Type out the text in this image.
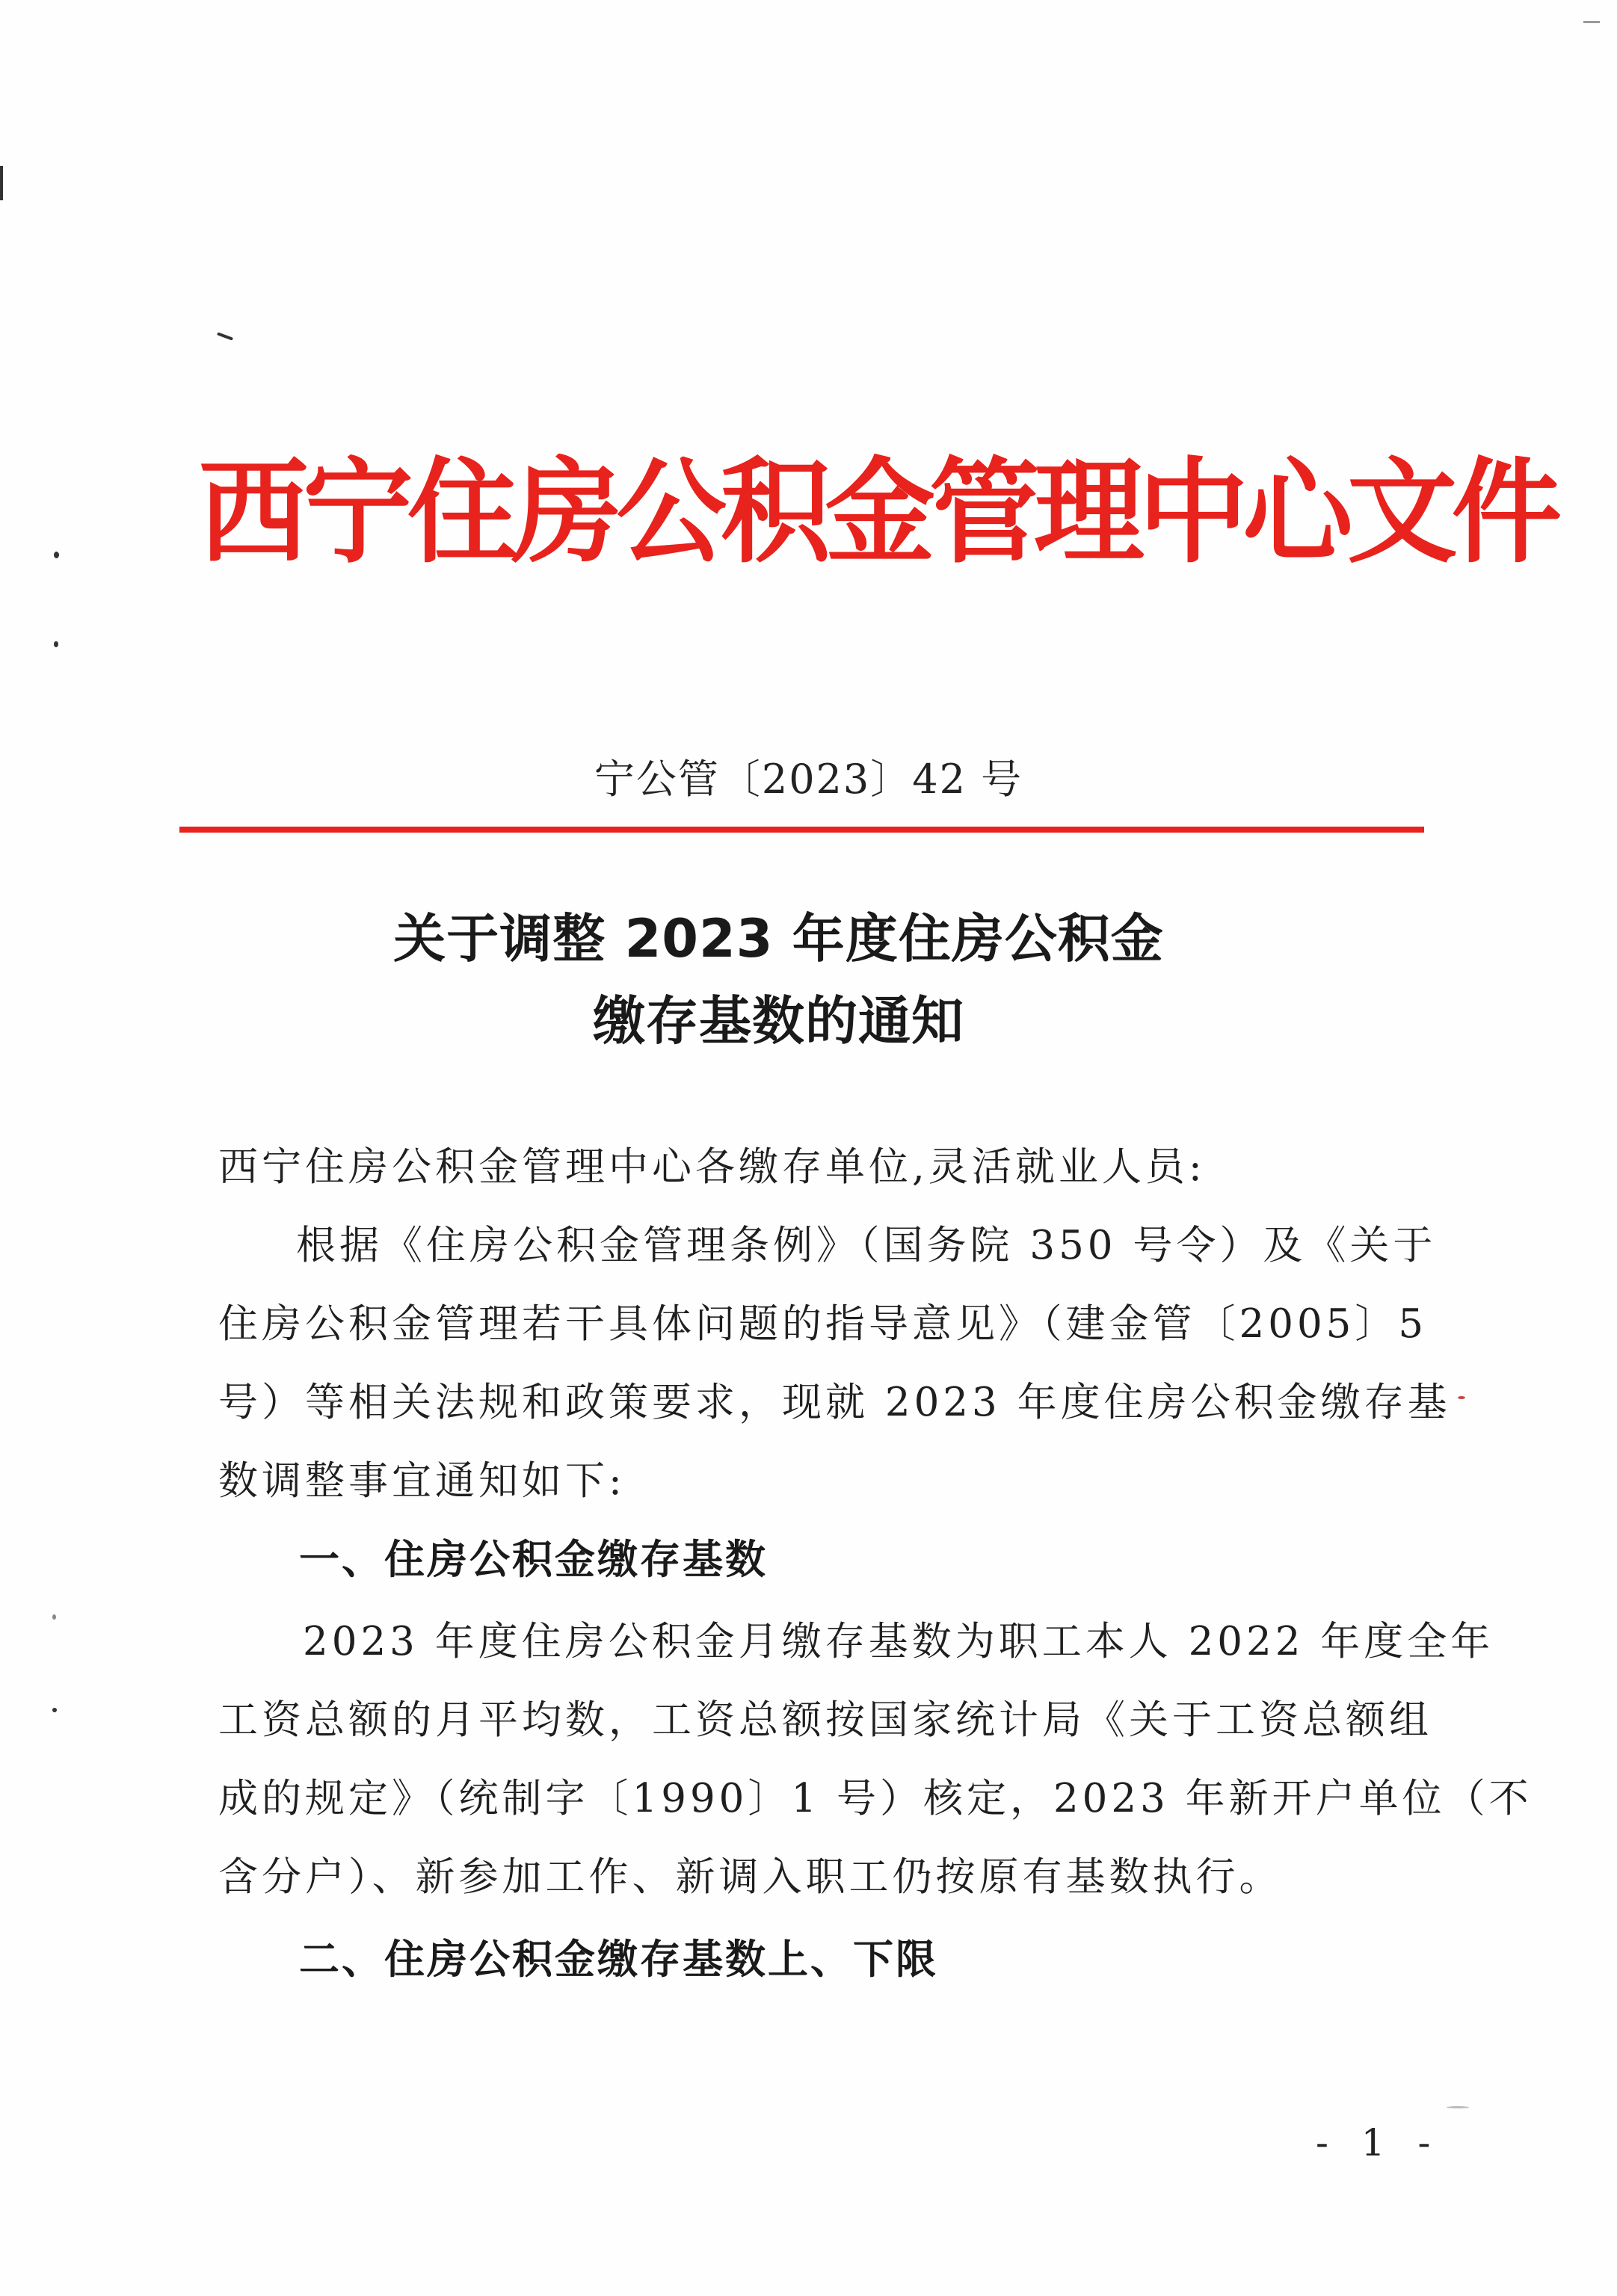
西宁住房公积金管理中心文件
宁公管〔2023〕42 号
关于调整 2023 年度住房公积金
缴存基数的通知
西宁住房公积金管理中心各缴存单位,灵活就业人员:
根据《住房公积金管理条例》（国务院 350 号令）及《关于
住房公积金管理若干具体问题的指导意见》（建金管〔2005〕5
号）等相关法规和政策要求，现就 2023 年度住房公积金缴存基
数调整事宜通知如下:
一、住房公积金缴存基数
2023 年度住房公积金月缴存基数为职工本人 2022 年度全年
工资总额的月平均数，工资总额按国家统计局《关于工资总额组
成的规定》（统制字〔1990〕1 号）核定，2023 年新开户单位（不
含分户）、新参加工作、新调入职工仍按原有基数执行。
二、住房公积金缴存基数上、下限
- 1 -
